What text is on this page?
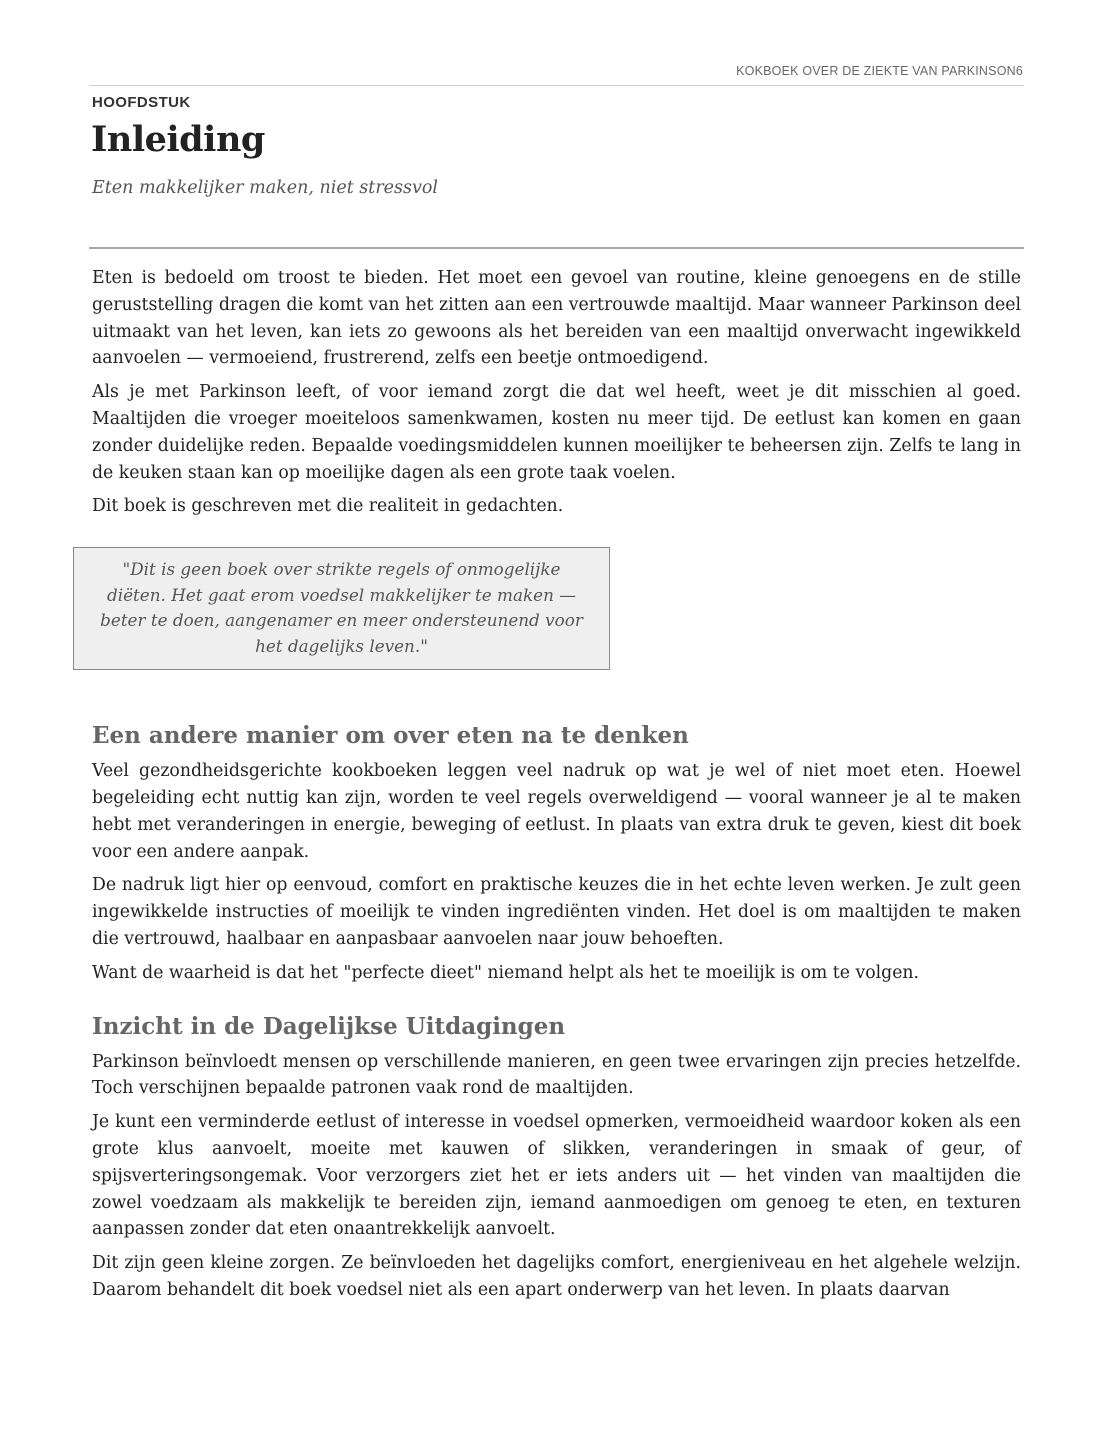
KOKBOEK OVER DE ZIEKTE VAN PARKINSON6
HOOFDSTUK
Inleiding
Eten makkelijker maken, niet stressvol

Eten is bedoeld om troost te bieden. Het moet een gevoel van routine, kleine genoegens en de stille geruststelling dragen die komt van het zitten aan een vertrouwde maaltijd. Maar wanneer Parkinson deel uitmaakt van het leven, kan iets zo gewoons als het bereiden van een maaltijd onverwacht ingewikkeld aanvoelen — vermoeiend, frustrerend, zelfs een beetje ontmoedigend.

Als je met Parkinson leeft, of voor iemand zorgt die dat wel heeft, weet je dit misschien al goed. Maaltijden die vroeger moeiteloos samenkwamen, kosten nu meer tijd. De eetlust kan komen en gaan zonder duidelijke reden. Bepaalde voedingsmiddelen kunnen moeilijker te beheersen zijn. Zelfs te lang in de keuken staan kan op moeilijke dagen als een grote taak voelen.

Dit boek is geschreven met die realiteit in gedachten.

"Dit is geen boek over strikte regels of onmogelijke diëten. Het gaat erom voedsel makkelijker te maken — beter te doen, aangenamer en meer ondersteunend voor het dagelijks leven."
Een andere manier om over eten na te denken

Veel gezondheidsgerichte kookboeken leggen veel nadruk op wat je wel of niet moet eten. Hoewel begeleiding echt nuttig kan zijn, worden te veel regels overweldigend — vooral wanneer je al te maken hebt met veranderingen in energie, beweging of eetlust. In plaats van extra druk te geven, kiest dit boek voor een andere aanpak.

De nadruk ligt hier op eenvoud, comfort en praktische keuzes die in het echte leven werken. Je zult geen ingewikkelde instructies of moeilijk te vinden ingrediënten vinden. Het doel is om maaltijden te maken die vertrouwd, haalbaar en aanpasbaar aanvoelen naar jouw behoeften.

Want de waarheid is dat het "perfecte dieet" niemand helpt als het te moeilijk is om te volgen.

Inzicht in de Dagelijkse Uitdagingen

Parkinson beïnvloedt mensen op verschillende manieren, en geen twee ervaringen zijn precies hetzelfde. Toch verschijnen bepaalde patronen vaak rond de maaltijden.

Je kunt een verminderde eetlust of interesse in voedsel opmerken, vermoeidheid waardoor koken als een grote klus aanvoelt, moeite met kauwen of slikken, veranderingen in smaak of geur, of spijsverteringsongemak. Voor verzorgers ziet het er iets anders uit — het vinden van maaltijden die zowel voedzaam als makkelijk te bereiden zijn, iemand aanmoedigen om genoeg te eten, en texturen aanpassen zonder dat eten onaantrekkelijk aanvoelt.

Dit zijn geen kleine zorgen. Ze beïnvloeden het dagelijks comfort, energieniveau en het algehele welzijn. Daarom behandelt dit boek voedsel niet als een apart onderwerp van het leven. In plaats daarvan
